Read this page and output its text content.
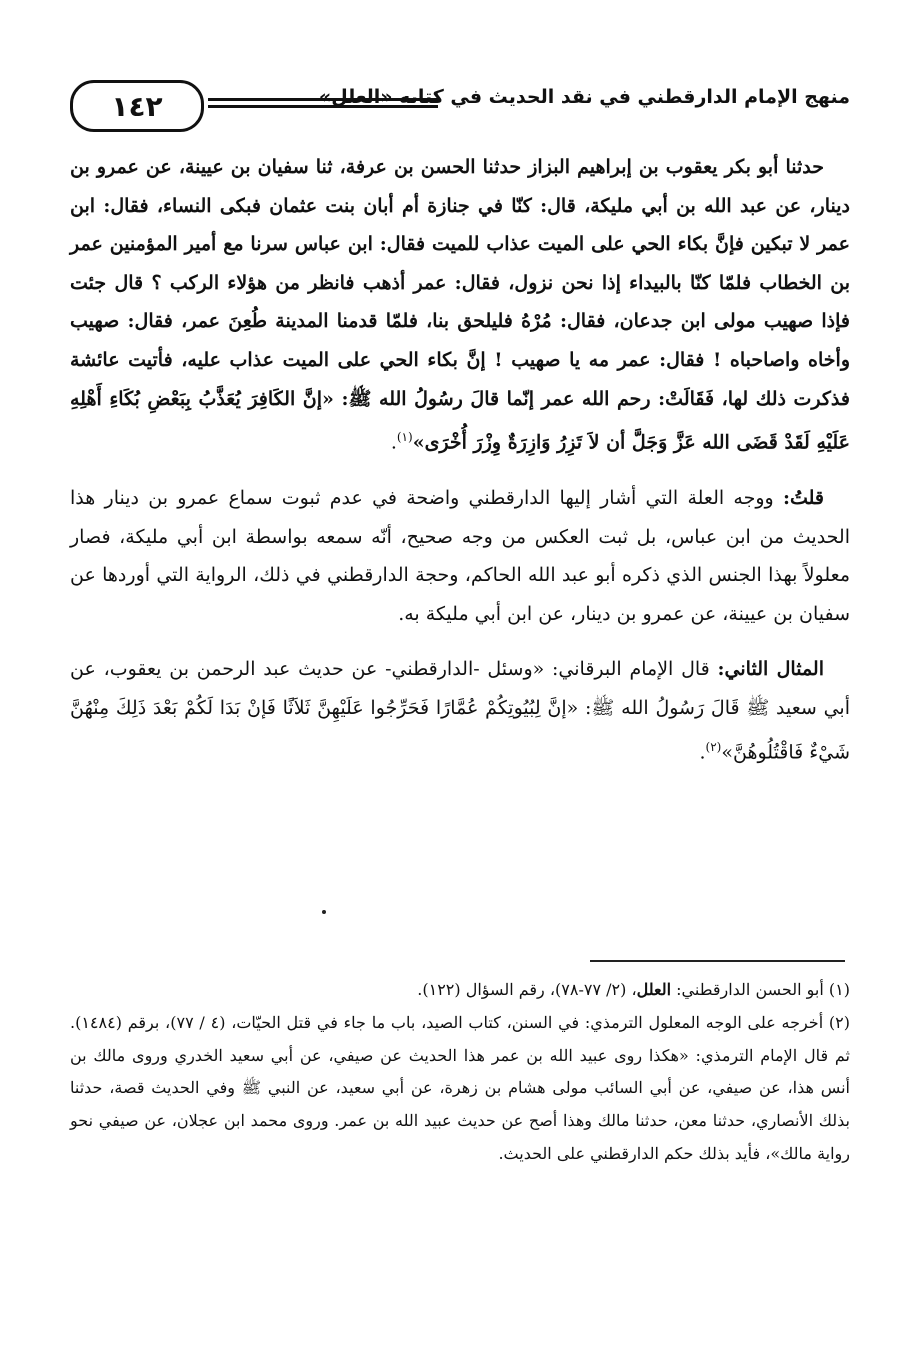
١٤٢	منهج الإمام الدارقطني في نقد الحديث في كتابه «العلل»

حدثنا أبو بكر يعقوب بن إبراهيم البزاز حدثنا الحسن بن عرفة، ثنا سفيان بن عيينة، عن عمرو بن دينار، عن عبد الله بن أبي مليكة، قال: كنّا في جنازة أم أبان بنت عثمان فبكى النساء، فقال: ابن عمر لا تبكين فإنَّ بكاء الحي على الميت عذاب للميت فقال: ابن عباس سرنا مع أمير المؤمنين عمر بن الخطاب فلمّا كنّا بالبيداء إذا نحن نزول، فقال: عمر أذهب فانظر من هؤلاء الركب ؟ قال جئت فإذا صهيب مولى ابن جدعان، فقال: مُرْهُ فليلحق بنا، فلمّا قدمنا المدينة طُعِنَ عمر، فقال: صهيب وأخاه واصاحباه ! فقال: عمر مه يا صهيب ! إنَّ بكاء الحي على الميت عذاب عليه، فأتيت عائشة فذكرت ذلك لها، فَقَالَتْ: رحم الله عمر إنّما قالَ رسُولُ الله ﷺ: «إنَّ الكَافِرَ يُعَذَّبُ بِبَعْضِ بُكَاءِ أَهْلِهِ عَلَيْهِ لَقَدْ قَضَى الله عَزَّ وَجَلَّ أن لاَ تَزِرُ وَازِرَةٌ وِزْرَ أُخْرَى»$^{(١)}$.

قلتُ: ووجه العلة التي أشار إليها الدارقطني واضحة في عدم ثبوت سماع عمرو بن دينار هذا الحديث من ابن عباس، بل ثبت العكس من وجه صحيح، أنّه سمعه بواسطة ابن أبي مليكة، فصار معلولاً بهذا الجنس الذي ذكره أبو عبد الله الحاكم، وحجة الدارقطني في ذلك، الرواية التي أوردها عن سفيان بن عيينة، عن عمرو بن دينار، عن ابن أبي مليكة به.

المثال الثاني: قال الإمام البرقاني: «وسئل -الدارقطني- عن حديث عبد الرحمن بن يعقوب، عن أبي سعيد ﷺ قَالَ رَسُولُ الله ﷺ: «إنَّ لِبُيُوتِكُمْ عُمَّارًا فَحَرِّجُوا عَلَيْهِنَّ ثَلاَثًا فَإنْ بَدَا لَكُمْ بَعْدَ ذَلِكَ مِنْهُنَّ شَيْءٌ فَاقْتُلُوهُنَّ»$^{(٢)}$.

(١) أبو الحسن الدارقطني: العلل، (٢/ ٧٧-٧٨)، رقم السؤال (١٢٢).

(٢) أخرجه على الوجه المعلول الترمذي: في السنن، كتاب الصيد، باب ما جاء في قتل الحيّات، (٤ / ٧٧)، برقم (١٤٨٤). ثم قال الإمام الترمذي: «هكذا روى عبيد الله بن عمر هذا الحديث عن صيفي، عن أبي سعيد الخدري وروى مالك بن أنس هذا، عن صيفي، عن أبي السائب مولى هشام بن زهرة، عن أبي سعيد، عن النبي ﷺ وفي الحديث قصة، حدثنا بذلك الأنصاري، حدثنا معن، حدثنا مالك وهذا أصح عن حديث عبيد الله بن عمر. وروى محمد ابن عجلان، عن صيفي نحو رواية مالك»، فأيد بذلك حكم الدارقطني على الحديث.
